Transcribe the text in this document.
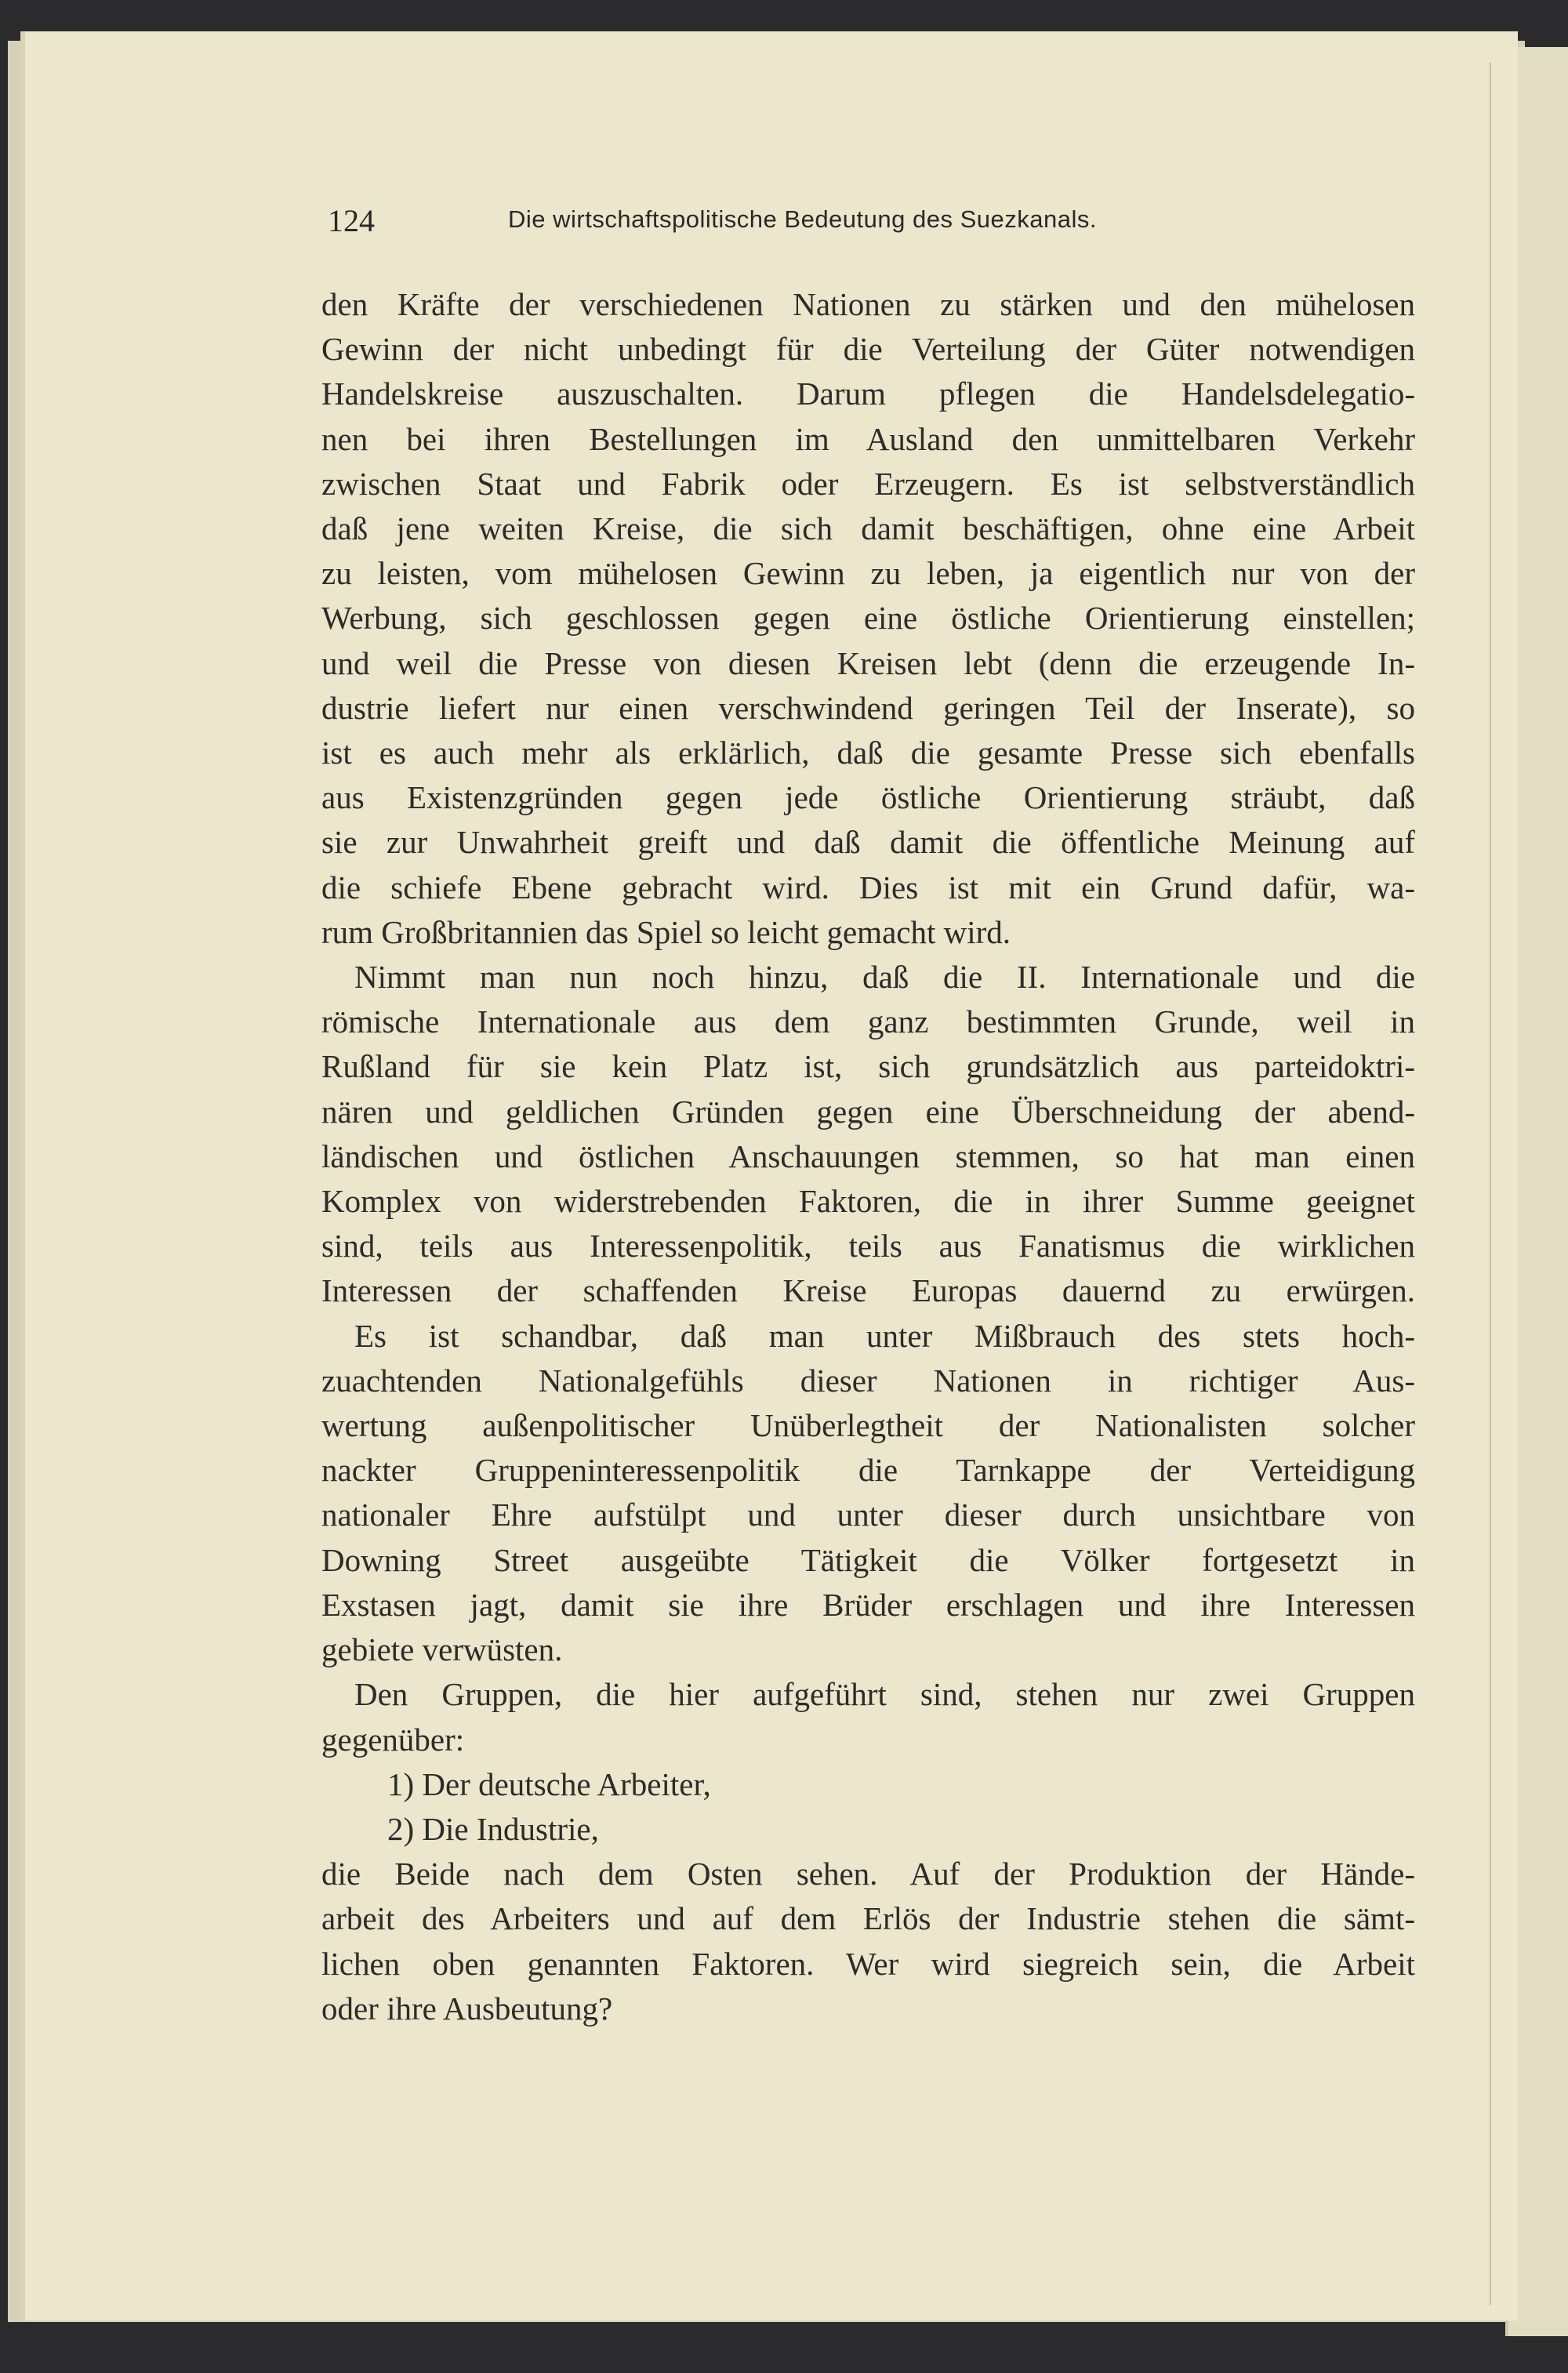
124	Die wirtschaftspolitische Bedeutung des Suezkanals.
den Kräfte der verschiedenen Nationen zu stärken und den mühelosen
Gewinn der nicht unbedingt für die Verteilung der Güter notwendigen
Handelskreise auszuschalten. Darum pflegen die Handelsdelegatio-
nen bei ihren Bestellungen im Ausland den unmittelbaren Verkehr
zwischen Staat und Fabrik oder Erzeugern. Es ist selbstverständlich
daß jene weiten Kreise, die sich damit beschäftigen, ohne eine Arbeit
zu leisten, vom mühelosen Gewinn zu leben, ja eigentlich nur von der
Werbung, sich geschlossen gegen eine östliche Orientierung einstellen;
und weil die Presse von diesen Kreisen lebt (denn die erzeugende In-
dustrie liefert nur einen verschwindend geringen Teil der Inserate), so
ist es auch mehr als erklärlich, daß die gesamte Presse sich ebenfalls
aus Existenzgründen gegen jede östliche Orientierung sträubt, daß
sie zur Unwahrheit greift und daß damit die öffentliche Meinung auf
die schiefe Ebene gebracht wird. Dies ist mit ein Grund dafür, wa-
rum Großbritannien das Spiel so leicht gemacht wird.
Nimmt man nun noch hinzu, daß die II. Internationale und die
römische Internationale aus dem ganz bestimmten Grunde, weil in
Rußland für sie kein Platz ist, sich grundsätzlich aus parteidoktri-
nären und geldlichen Gründen gegen eine Überschneidung der abend-
ländischen und östlichen Anschauungen stemmen, so hat man einen
Komplex von widerstrebenden Faktoren, die in ihrer Summe geeignet
sind, teils aus Interessenpolitik, teils aus Fanatismus die wirklichen
Interessen der schaffenden Kreise Europas dauernd zu erwürgen.
Es ist schandbar, daß man unter Mißbrauch des stets hoch-
zuachtenden Nationalgefühls dieser Nationen in richtiger Aus-
wertung außenpolitischer Unüberlegtheit der Nationalisten solcher
nackter Gruppeninteressenpolitik die Tarnkappe der Verteidigung
nationaler Ehre aufstülpt und unter dieser durch unsichtbare von
Downing Street ausgeübte Tätigkeit die Völker fortgesetzt in
Exstasen jagt, damit sie ihre Brüder erschlagen und ihre Interessen
gebiete verwüsten.
Den Gruppen, die hier aufgeführt sind, stehen nur zwei Gruppen
gegenüber:
1) Der deutsche Arbeiter,
2) Die Industrie,
die Beide nach dem Osten sehen. Auf der Produktion der Hände-
arbeit des Arbeiters und auf dem Erlös der Industrie stehen die sämt-
lichen oben genannten Faktoren. Wer wird siegreich sein, die Arbeit
oder ihre Ausbeutung?
